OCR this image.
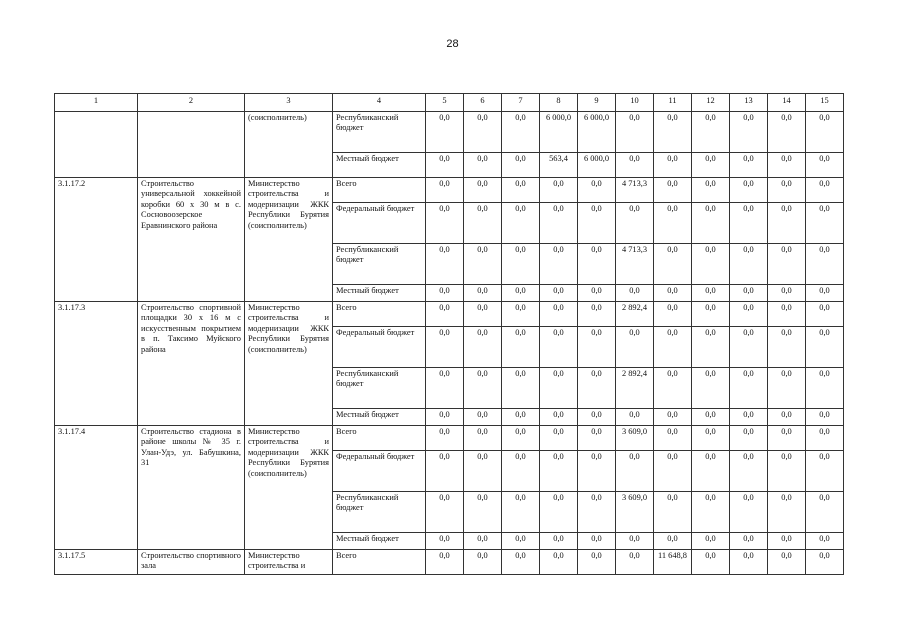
28
1	2	3	4	5	6	7	8	9	10	11	12	13	14	15
		(соисполнитель)	Республиканский бюджет	0,0	0,0	0,0	6 000,0	6 000,0	0,0	0,0	0,0	0,0	0,0	0,0
			Местный бюджет	0,0	0,0	0,0	563,4	6 000,0	0,0	0,0	0,0	0,0	0,0	0,0
3.1.17.2	Строительство универсальной хоккейной коробки 60 х 30 м в с. Сосновоозерское Еравнинского района	Министерство строительства и модернизации ЖКК Республики Бурятия (соисполнитель)	Всего	0,0	0,0	0,0	0,0	0,0	4 713,3	0,0	0,0	0,0	0,0	0,0
			Федеральный бюджет	0,0	0,0	0,0	0,0	0,0	0,0	0,0	0,0	0,0	0,0	0,0
			Республиканский бюджет	0,0	0,0	0,0	0,0	0,0	4 713,3	0,0	0,0	0,0	0,0	0,0
			Местный бюджет	0,0	0,0	0,0	0,0	0,0	0,0	0,0	0,0	0,0	0,0	0,0
3.1.17.3	Строительство спортивной площадки 30 х 16 м с искусственным покрытием в п. Таксимо Муйского района	Министерство строительства и модернизации ЖКК Республики Бурятия (соисполнитель)	Всего	0,0	0,0	0,0	0,0	0,0	2 892,4	0,0	0,0	0,0	0,0	0,0
			Федеральный бюджет	0,0	0,0	0,0	0,0	0,0	0,0	0,0	0,0	0,0	0,0	0,0
			Республиканский бюджет	0,0	0,0	0,0	0,0	0,0	2 892,4	0,0	0,0	0,0	0,0	0,0
			Местный бюджет	0,0	0,0	0,0	0,0	0,0	0,0	0,0	0,0	0,0	0,0	0,0
3.1.17.4	Строительство стадиона в районе школы № 35 г. Улан-Удэ, ул. Бабушкина, 31	Министерство строительства и модернизации ЖКК Республики Бурятия (соисполнитель)	Всего	0,0	0,0	0,0	0,0	0,0	3 609,0	0,0	0,0	0,0	0,0	0,0
			Федеральный бюджет	0,0	0,0	0,0	0,0	0,0	0,0	0,0	0,0	0,0	0,0	0,0
			Республиканский бюджет	0,0	0,0	0,0	0,0	0,0	3 609,0	0,0	0,0	0,0	0,0	0,0
			Местный бюджет	0,0	0,0	0,0	0,0	0,0	0,0	0,0	0,0	0,0	0,0	0,0
3.1.17.5	Строительство спортивного зала	Министерство строительства и	Всего	0,0	0,0	0,0	0,0	0,0	0,0	11 648,8	0,0	0,0	0,0	0,0
